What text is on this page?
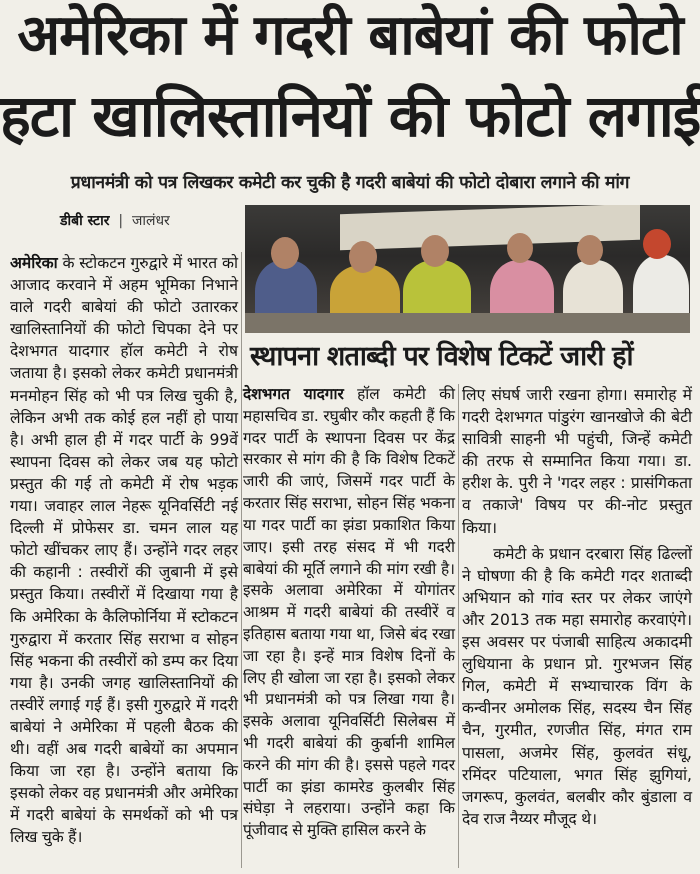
अमेरिका में गदरी बाबेयां की फोटो
हटा खालिस्तानियों की फोटो लगाई
प्रधानमंत्री को पत्र लिखकर कमेटी कर चुकी है गदरी बाबेयां की फोटो दोबारा लगाने की मांग
डीबी स्टार | जालंधर

अमेरिका के स्टोकटन गुरुद्वारे में भारत को आजाद करवाने में अहम भूमिका निभाने वाले गदरी बाबेयां की फोटो उतारकर खालिस्तानियों की फोटो चिपका देने पर देशभगत यादगार हॉल कमेटी ने रोष जताया है। इसको लेकर कमेटी प्रधानमंत्री मनमोहन सिंह को भी पत्र लिख चुकी है, लेकिन अभी तक कोई हल नहीं हो पाया है। अभी हाल ही में गदर पार्टी के 99वें स्थापना दिवस को लेकर जब यह फोटो प्रस्तुत की गई तो कमेटी में रोष भड़क गया। जवाहर लाल नेहरू यूनिवर्सिटी नई दिल्ली में प्रोफेसर डा. चमन लाल यह फोटो खींचकर लाए हैं। उन्होंने गदर लहर की कहानी : तस्वीरों की जुबानी में इसे प्रस्तुत किया। तस्वीरों में दिखाया गया है कि अमेरिका के कैलिफोर्निया में स्टोकटन गुरुद्वारा में करतार सिंह सराभा व सोहन सिंह भकना की तस्वीरों को डम्प कर दिया गया है। उनकी जगह खालिस्तानियों की तस्वीरें लगाई गई हैं। इसी गुरुद्वारे में गदरी बाबेयां ने अमेरिका में पहली बैठक की थी। वहीं अब गदरी बाबेयों का अपमान किया जा रहा है। उन्होंने बताया कि इसको लेकर वह प्रधानमंत्री और अमेरिका में गदरी बाबेयां के समर्थकों को भी पत्र लिख चुके हैं।

स्थापना शताब्दी पर विशेष टिकटें जारी हों

देशभगत यादगार हॉल कमेटी की महासचिव डा. रघुबीर कौर कहती हैं कि गदर पार्टी के स्थापना दिवस पर केंद्र सरकार से मांग की है कि विशेष टिकटें जारी की जाएं, जिसमें गदर पार्टी के करतार सिंह सराभा, सोहन सिंह भकना या गदर पार्टी का झंडा प्रकाशित किया जाए। इसी तरह संसद में भी गदरी बाबेयां की मूर्ति लगाने की मांग रखी है। इसके अलावा अमेरिका में योगांतर आश्रम में गदरी बाबेयां की तस्वीरें व इतिहास बताया गया था, जिसे बंद रखा जा रहा है। इन्हें मात्र विशेष दिनों के लिए ही खोला जा रहा है। इसको लेकर भी प्रधानमंत्री को पत्र लिखा गया है। इसके अलावा यूनिवर्सिटी सिलेबस में भी गदरी बाबेयां की कुर्बानी शामिल करने की मांग की है। इससे पहले गदर पार्टी का झंडा कामरेड कुलबीर सिंह संघेड़ा ने लहराया। उन्होंने कहा कि पूंजीवाद से मुक्ति हासिल करने के

लिए संघर्ष जारी रखना होगा। समारोह में गदरी देशभगत पांडुरंग खानखोजे की बेटी सावित्री साहनी भी पहुंची, जिन्हें कमेटी की तरफ से सम्मानित किया गया। डा. हरीश के. पुरी ने 'गदर लहर : प्रासंगिकता व तकाजे' विषय पर की-नोट प्रस्तुत किया।

कमेटी के प्रधान दरबारा सिंह ढिल्लों ने घोषणा की है कि कमेटी गदर शताब्दी अभियान को गांव स्तर पर लेकर जाएंगे और 2013 तक महा समारोह करवाएंगे। इस अवसर पर पंजाबी साहित्य अकादमी लुधियाना के प्रधान प्रो. गुरभजन सिंह गिल, कमेटी में सभ्याचारक विंग के कन्वीनर अमोलक सिंह, सदस्य चैन सिंह चैन, गुरमीत, रणजीत सिंह, मंगत राम पासला, अजमेर सिंह, कुलवंत संधू, रमिंदर पटियाला, भगत सिंह झुगियां, जगरूप, कुलवंत, बलबीर कौर बुंडाला व देव राज नैय्यर मौजूद थे।
